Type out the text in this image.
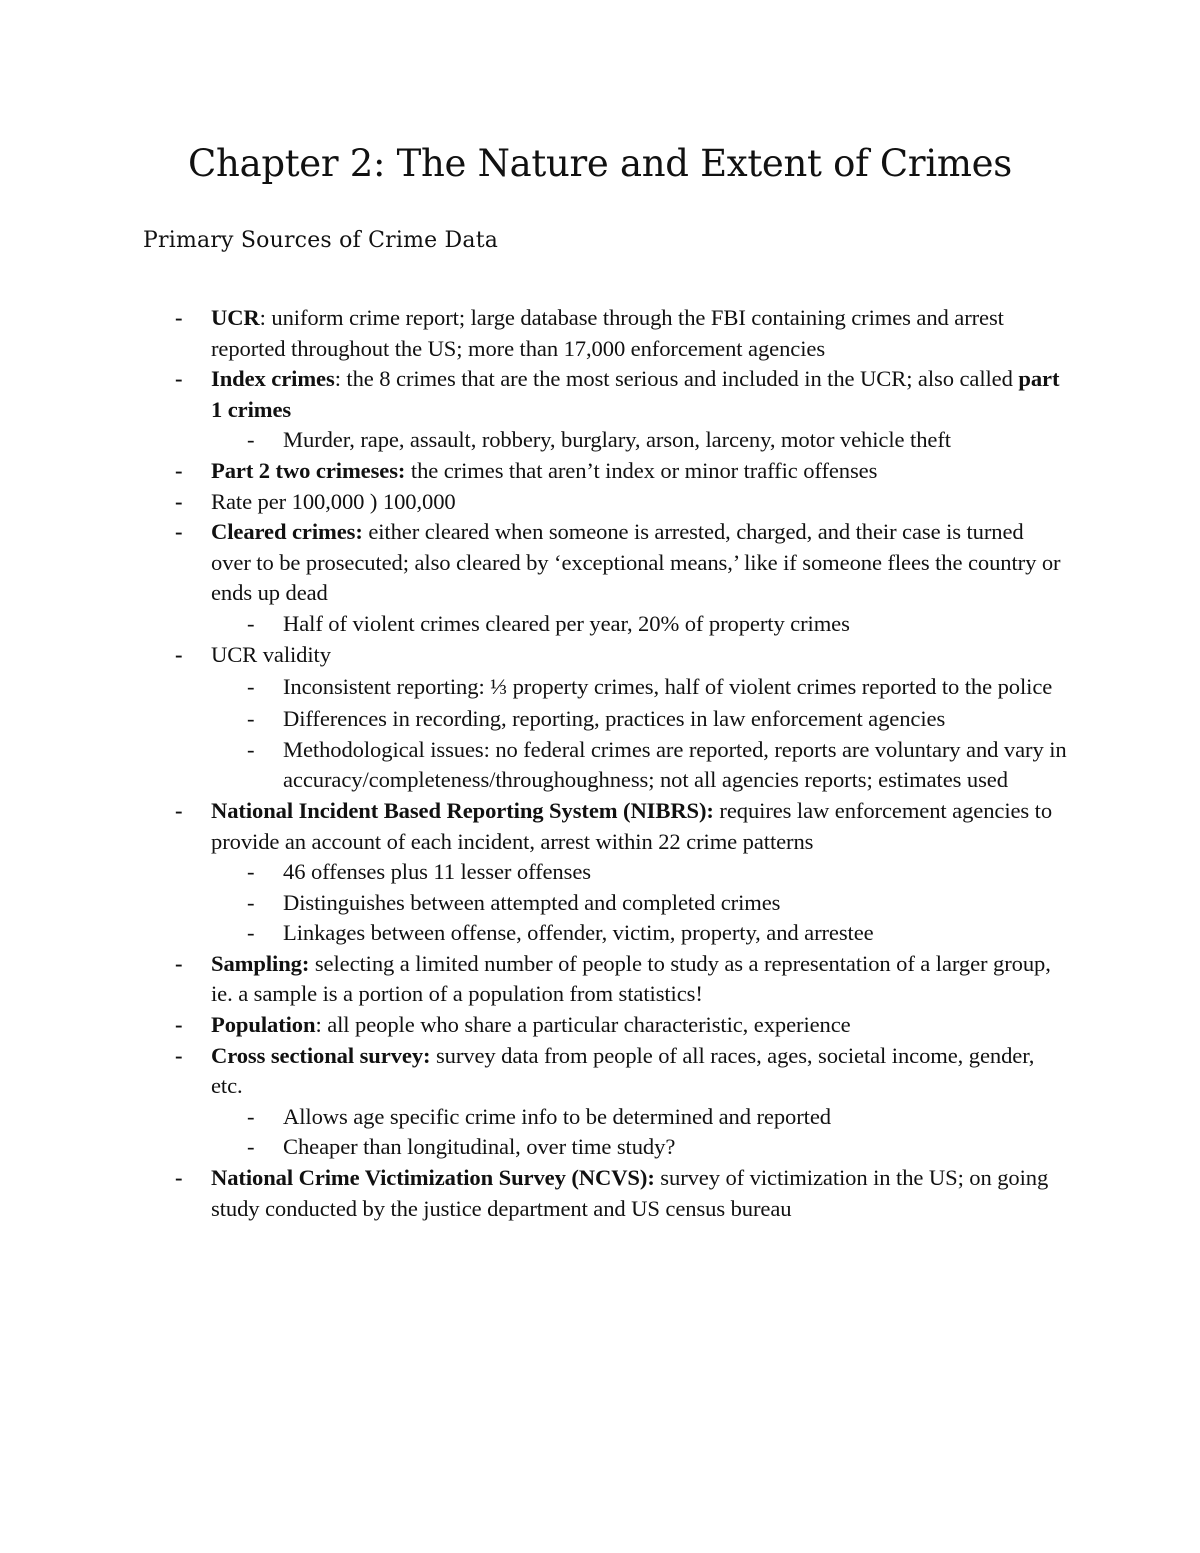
Chapter 2: The Nature and Extent of Crimes
Primary Sources of Crime Data
- UCR: uniform crime report; large database through the FBI containing crimes and arrest reported throughout the US; more than 17,000 enforcement agencies
- Index crimes: the 8 crimes that are the most serious and included in the UCR; also called part 1 crimes
- Murder, rape, assault, robbery, burglary, arson, larceny, motor vehicle theft
- Part 2 two crimeses: the crimes that aren’t index or minor traffic offenses
- Rate per 100,000 ) 100,000
- Cleared crimes: either cleared when someone is arrested, charged, and their case is turned over to be prosecuted; also cleared by ‘exceptional means,’ like if someone flees the country or ends up dead
- Half of violent crimes cleared per year, 20% of property crimes
- UCR validity
- Inconsistent reporting: ⅓ property crimes, half of violent crimes reported to the police
- Differences in recording, reporting, practices in law enforcement agencies
- Methodological issues: no federal crimes are reported, reports are voluntary and vary in accuracy/completeness/throughoughness; not all agencies reports; estimates used
- National Incident Based Reporting System (NIBRS): requires law enforcement agencies to provide an account of each incident, arrest within 22 crime patterns
- 46 offenses plus 11 lesser offenses
- Distinguishes between attempted and completed crimes
- Linkages between offense, offender, victim, property, and arrestee
- Sampling: selecting a limited number of people to study as a representation of a larger group, ie. a sample is a portion of a population from statistics!
- Population: all people who share a particular characteristic, experience
- Cross sectional survey: survey data from people of all races, ages, societal income, gender, etc.
- Allows age specific crime info to be determined and reported
- Cheaper than longitudinal, over time study?
- National Crime Victimization Survey (NCVS): survey of victimization in the US; on going study conducted by the justice department and US census bureau
